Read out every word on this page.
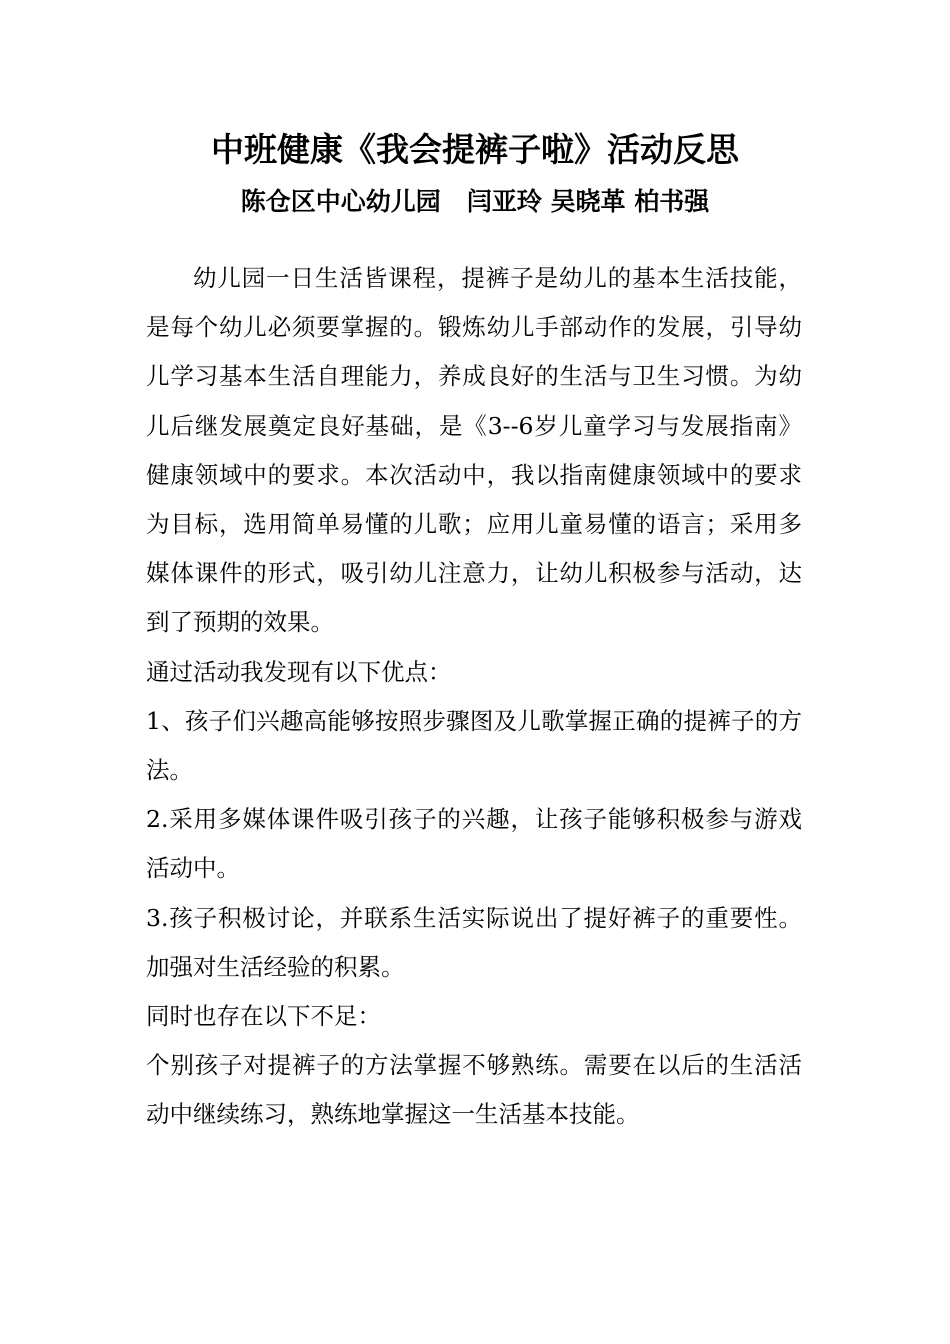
中班健康《我会提裤子啦》活动反思
陈仓区中心幼儿园   闫亚玲 吴晓革 柏书强

幼儿园一日生活皆课程，提裤子是幼儿的基本生活技能，是每个幼儿必须要掌握的。锻炼幼儿手部动作的发展，引导幼儿学习基本生活自理能力，养成良好的生活与卫生习惯。为幼儿后继发展奠定良好基础，是《3--6岁儿童学习与发展指南》健康领域中的要求。本次活动中，我以指南健康领域中的要求为目标，选用简单易懂的儿歌；应用儿童易懂的语言；采用多媒体课件的形式，吸引幼儿注意力，让幼儿积极参与活动，达到了预期的效果。

通过活动我发现有以下优点：

1、孩子们兴趣高能够按照步骤图及儿歌掌握正确的提裤子的方法。

2.采用多媒体课件吸引孩子的兴趣，让孩子能够积极参与游戏活动中。

3.孩子积极讨论，并联系生活实际说出了提好裤子的重要性。加强对生活经验的积累。

同时也存在以下不足：

个别孩子对提裤子的方法掌握不够熟练。需要在以后的生活活动中继续练习，熟练地掌握这一生活基本技能。
